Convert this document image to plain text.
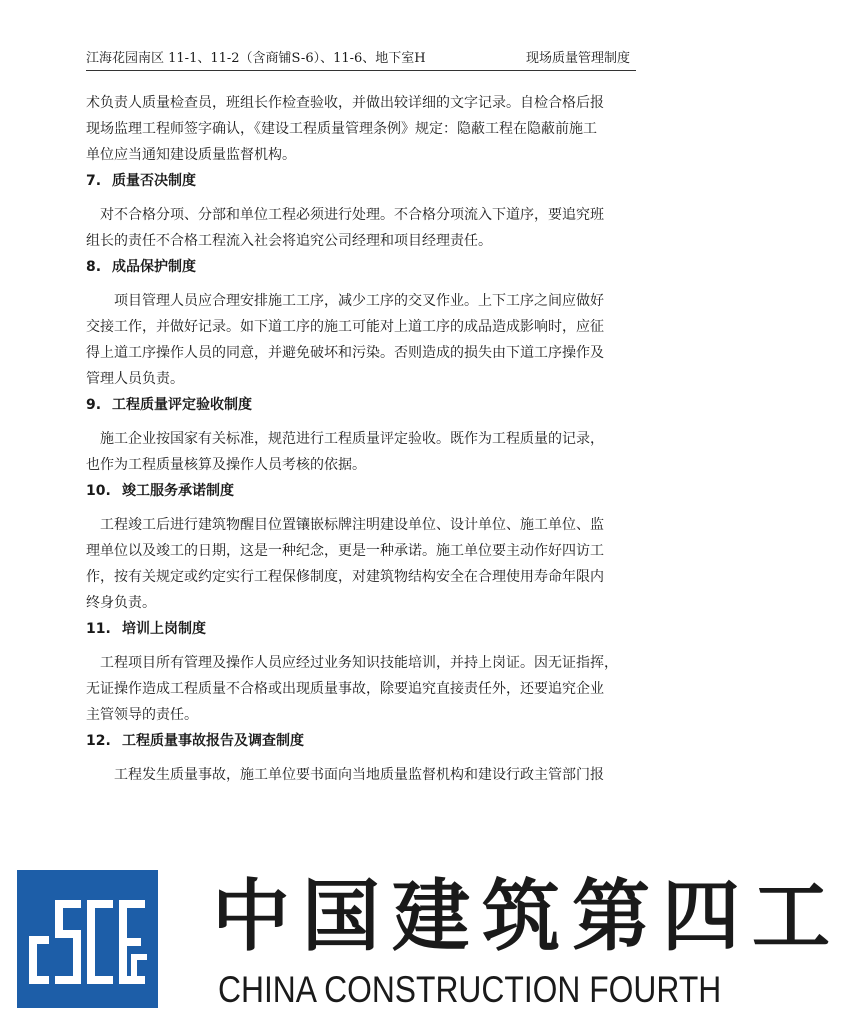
江海花园南区 11-1、11-2（含商铺S-6）、11-6、地下室H	现场质量管理制度

术负责人质量检查员，班组长作检查验收，并做出较详细的文字记录。自检合格后报

现场监理工程师签字确认，《建设工程质量管理条例》规定：隐蔽工程在隐蔽前施工

单位应当通知建设质量监督机构。

7. 质量否决制度

对不合格分项、分部和单位工程必须进行处理。不合格分项流入下道序，要追究班

组长的责任不合格工程流入社会将追究公司经理和项目经理责任。

8. 成品保护制度

项目管理人员应合理安排施工工序，减少工序的交叉作业。上下工序之间应做好

交接工作，并做好记录。如下道工序的施工可能对上道工序的成品造成影响时，应征

得上道工序操作人员的同意，并避免破坏和污染。否则造成的损失由下道工序操作及

管理人员负责。

9. 工程质量评定验收制度

施工企业按国家有关标准，规范进行工程质量评定验收。既作为工程质量的记录，

也作为工程质量核算及操作人员考核的依据。

10. 竣工服务承诺制度

工程竣工后进行建筑物醒目位置镶嵌标牌注明建设单位、设计单位、施工单位、监

理单位以及竣工的日期，这是一种纪念，更是一种承诺。施工单位要主动作好四访工

作，按有关规定或约定实行工程保修制度，对建筑物结构安全在合理使用寿命年限内

终身负责。

11. 培训上岗制度

工程项目所有管理及操作人员应经过业务知识技能培训，并持上岗证。因无证指挥，

无证操作造成工程质量不合格或出现质量事故，除要追究直接责任外，还要追究企业

主管领导的责任。

12. 工程质量事故报告及调查制度

工程发生质量事故，施工单位要书面向当地质量监督机构和建设行政主管部门报

中国建筑第四工
CHINA CONSTRUCTION FOURTH
